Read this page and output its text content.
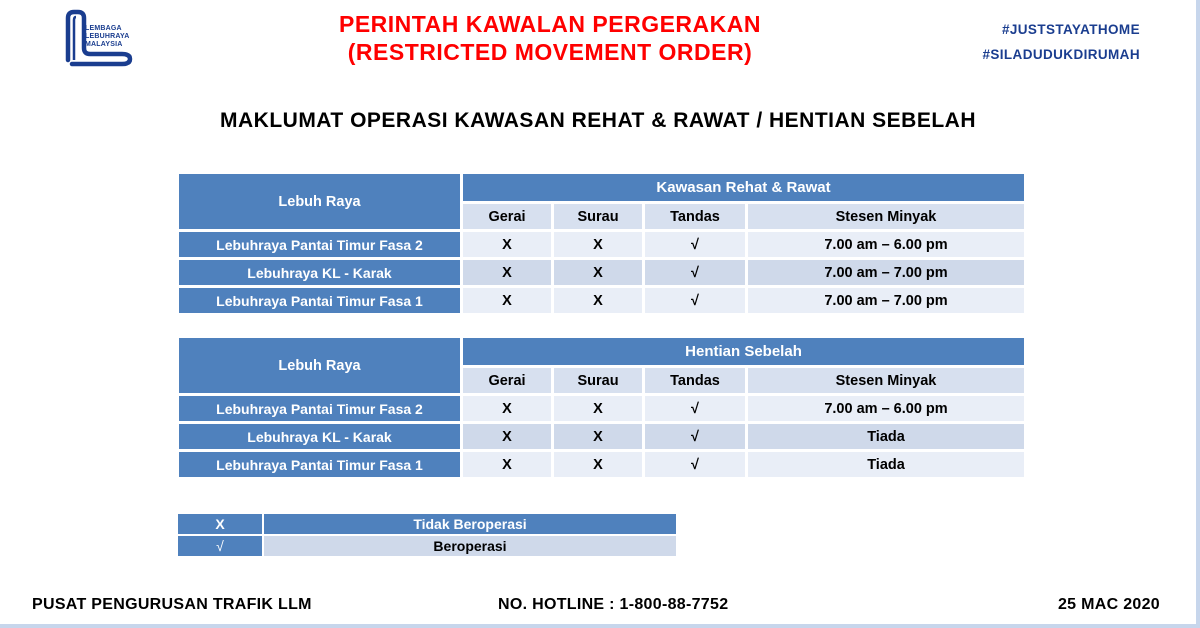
LEMBAGA
LEBUHRAYA
MALAYSIA
PERINTAH KAWALAN PERGERAKAN
(RESTRICTED MOVEMENT ORDER)
#JUSTSTAYATHOME
#SILADUDUKDIRUMAH
MAKLUMAT OPERASI KAWASAN REHAT & RAWAT / HENTIAN SEBELAH
Lebuh Raya	Kawasan Rehat & Rawat			
	Gerai	Surau	Tandas	Stesen Minyak
Lebuhraya Pantai Timur Fasa 2	X	X	√	7.00 am – 6.00 pm
Lebuhraya KL - Karak	X	X	√	7.00 am – 7.00 pm
Lebuhraya Pantai Timur Fasa 1	X	X	√	7.00 am – 7.00 pm
Lebuh Raya	Hentian Sebelah			
	Gerai	Surau	Tandas	Stesen Minyak
Lebuhraya Pantai Timur Fasa 2	X	X	√	7.00 am – 6.00 pm
Lebuhraya KL - Karak	X	X	√	Tiada
Lebuhraya Pantai Timur Fasa 1	X	X	√	Tiada
X	Tidak Beroperasi
√	Beroperasi
PUSAT PENGURUSAN TRAFIK LLM	NO. HOTLINE : 1-800-88-7752	25 MAC 2020
